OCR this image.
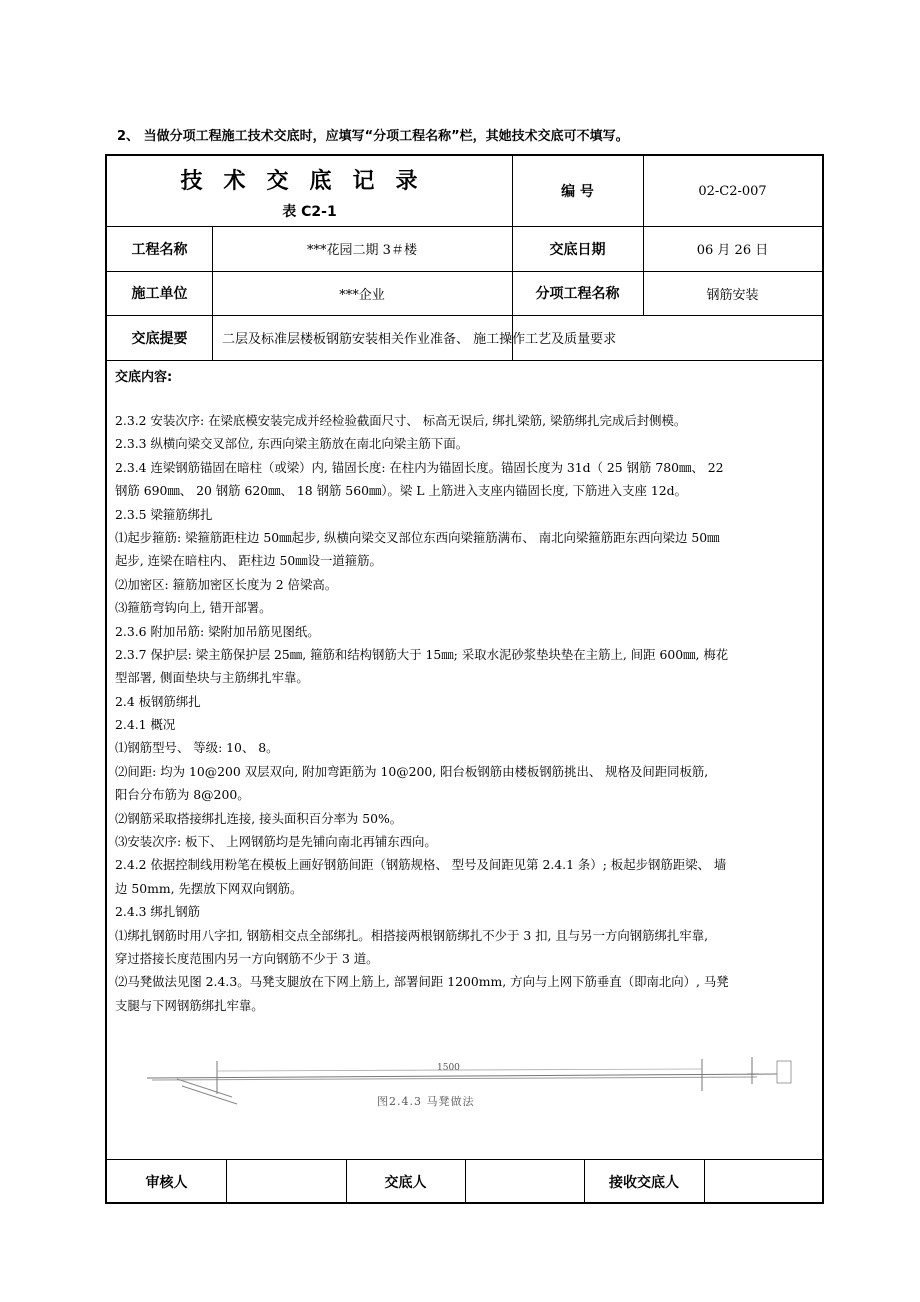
2、 当做分项工程施工技术交底时，应填写“分项工程名称”栏，其她技术交底可不填写。
技术交底记录
表 C2-1
编 号	02-C2-007
工程名称	***花园二期 3＃楼	交底日期	06 月 26 日
施工单位	***企业	分项工程名称	钢筋安装
交底提要	二层及标准层楼板钢筋安装相关作业准备、 施工操作工艺及质量要求
交底内容:
2.3.2 安装次序: 在梁底模安装完成并经检验截面尺寸、 标高无误后, 绑扎梁筋, 梁筋绑扎完成后封侧模。
2.3.3 纵横向梁交叉部位, 东西向梁主筋放在南北向梁主筋下面。
2.3.4 连梁钢筋锚固在暗柱（或梁）内, 锚固长度: 在柱内为锚固长度。锚固长度为 31d（ 25 钢筋 780㎜、 22
钢筋 690㎜、 20 钢筋 620㎜、 18 钢筋 560㎜）。梁 L 上筋进入支座内锚固长度, 下筋进入支座 12d。
2.3.5 梁箍筋绑扎
⑴起步箍筋: 梁箍筋距柱边 50㎜起步, 纵横向梁交叉部位东西向梁箍筋满布、 南北向梁箍筋距东西向梁边 50㎜
起步, 连梁在暗柱内、 距柱边 50㎜设一道箍筋。
⑵加密区: 箍筋加密区长度为 2 倍梁高。
⑶箍筋弯钩向上, 错开部署。
2.3.6 附加吊筋: 梁附加吊筋见图纸。
2.3.7 保护层: 梁主筋保护层 25㎜, 箍筋和结构钢筋大于 15㎜; 采取水泥砂浆垫块垫在主筋上, 间距 600㎜, 梅花
型部署, 侧面垫块与主筋绑扎牢靠。
2.4 板钢筋绑扎
2.4.1 概况
⑴钢筋型号、 等级: 10、 8。
⑵间距: 均为 10@200 双层双向, 附加弯距筋为 10@200, 阳台板钢筋由楼板钢筋挑出、 规格及间距同板筋,
阳台分布筋为 8@200。
⑵钢筋采取搭接绑扎连接, 接头面积百分率为 50%。
⑶安装次序: 板下、 上网钢筋均是先铺向南北再铺东西向。
2.4.2 依据控制线用粉笔在模板上画好钢筋间距（钢筋规格、 型号及间距见第 2.4.1 条）; 板起步钢筋距梁、 墙
边 50mm, 先摆放下网双向钢筋。
2.4.3 绑扎钢筋
⑴绑扎钢筋时用八字扣, 钢筋相交点全部绑扎。相搭接两根钢筋绑扎不少于 3 扣, 且与另一方向钢筋绑扎牢靠,
穿过搭接长度范围内另一方向钢筋不少于 3 道。
⑵马凳做法见图 2.4.3。马凳支腿放在下网上筋上, 部署间距 1200mm, 方向与上网下筋垂直（即南北向）, 马凳
支腿与下网钢筋绑扎牢靠。
1500
图2.4.3 马凳做法
审核人	交底人	接收交底人
